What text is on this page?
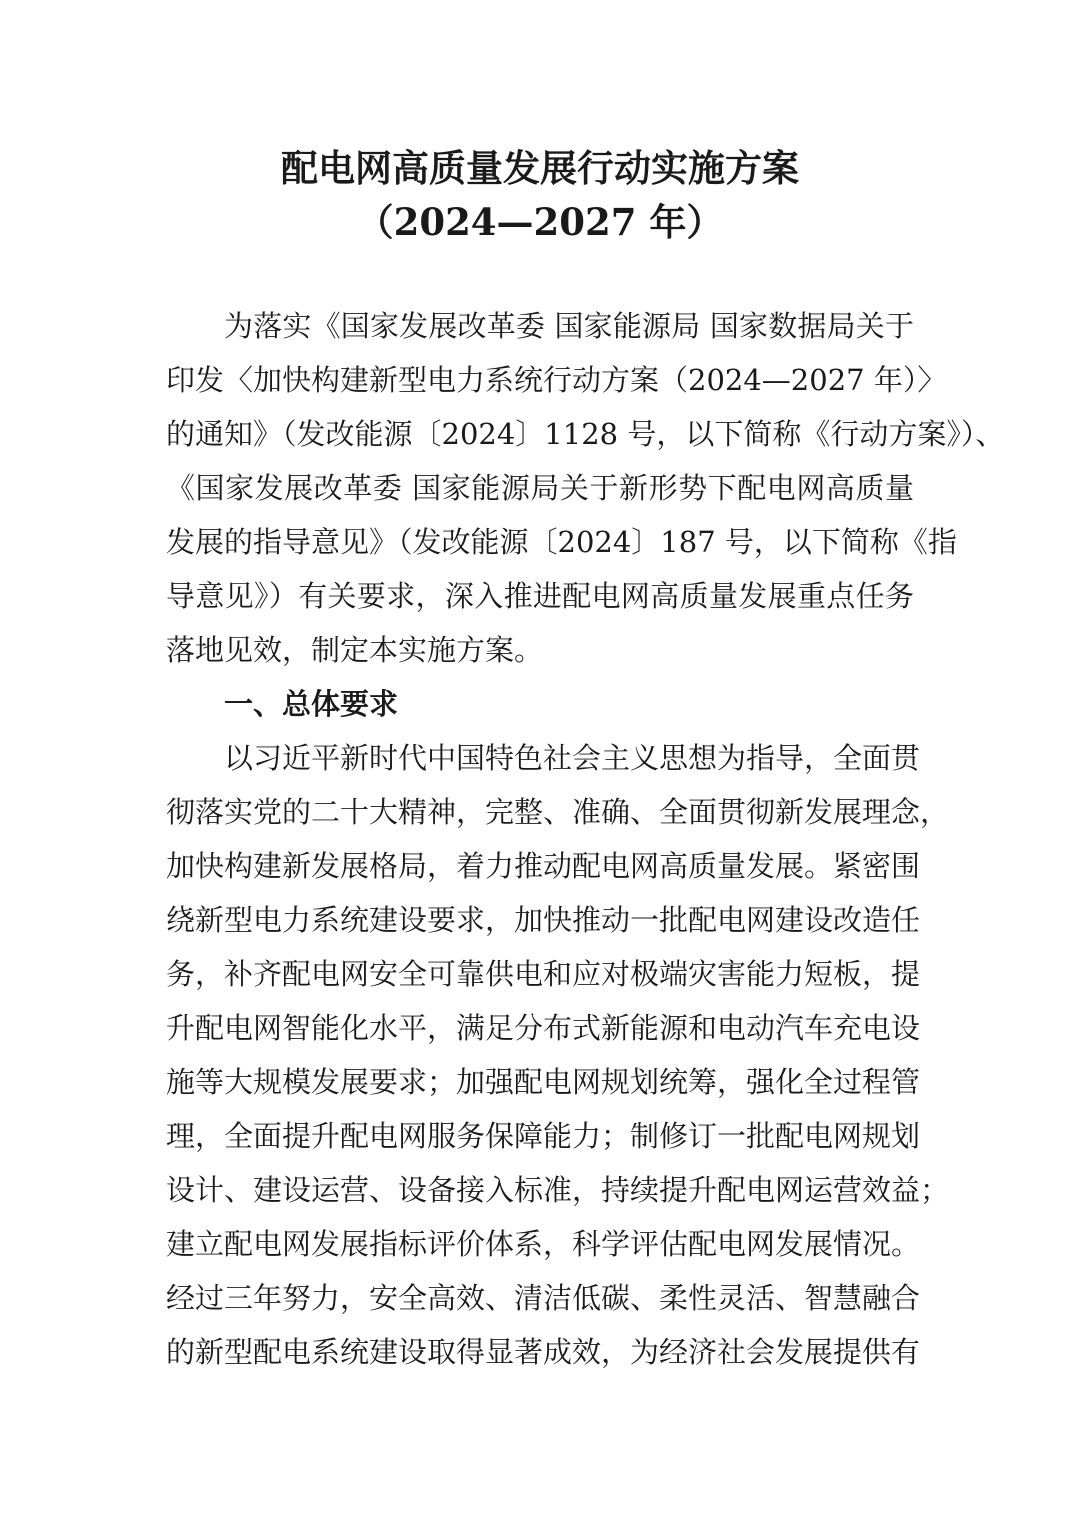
配电网高质量发展行动实施方案
（2024—2027 年）
为落实《国家发展改革委 国家能源局 国家数据局关于
印发〈加快构建新型电力系统行动方案（2024—2027 年）〉
的通知》（发改能源〔2024〕1128 号，以下简称《行动方案》）、
《国家发展改革委 国家能源局关于新形势下配电网高质量
发展的指导意见》（发改能源〔2024〕187 号，以下简称《指
导意见》）有关要求，深入推进配电网高质量发展重点任务
落地见效，制定本实施方案。
一、总体要求
以习近平新时代中国特色社会主义思想为指导，全面贯
彻落实党的二十大精神，完整、准确、全面贯彻新发展理念，
加快构建新发展格局，着力推动配电网高质量发展。紧密围
绕新型电力系统建设要求，加快推动一批配电网建设改造任
务，补齐配电网安全可靠供电和应对极端灾害能力短板，提
升配电网智能化水平，满足分布式新能源和电动汽车充电设
施等大规模发展要求；加强配电网规划统筹，强化全过程管
理，全面提升配电网服务保障能力；制修订一批配电网规划
设计、建设运营、设备接入标准，持续提升配电网运营效益；
建立配电网发展指标评价体系，科学评估配电网发展情况。
经过三年努力，安全高效、清洁低碳、柔性灵活、智慧融合
的新型配电系统建设取得显著成效，为经济社会发展提供有
